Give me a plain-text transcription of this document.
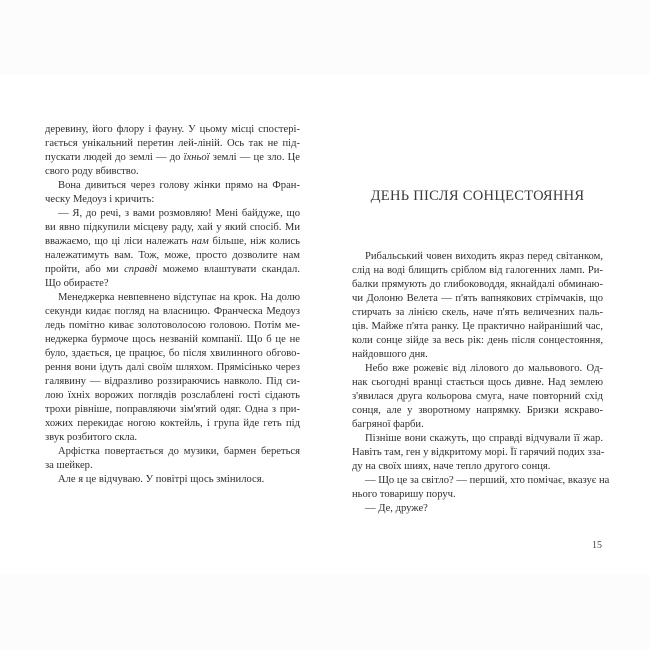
деревину, його флору і фауну. У цьому місці спостері-
гається унікальний перетин лей-ліній. Ось так не під-
пускати людей до землі — до їхньої землі — це зло. Це
свого роду вбивство.
Вона дивиться через голову жінки прямо на Фран-
ческу Медоуз і кричить:
— Я, до речі, з вами розмовляю! Мені байдуже, що
ви явно підкупили місцеву раду, хай у який спосіб. Ми
вважаємо, що ці ліси належать нам більше, ніж колись
належатимуть вам. Тож, може, просто дозволите нам
пройти, або ми справді можемо влаштувати скандал.
Що обираєте?
Менеджерка невпевнено відступає на крок. На долю
секунди кидає погляд на власницю. Франческа Медоуз
ледь помітно киває золотоволосою головою. Потім ме-
неджерка бурмоче щось незваній компанії. Що б це не
було, здається, це працює, бо після хвилинного обгово-
рення вони ідуть далі своїм шляхом. Прямісінько через
галявину — відразливо роззираючись навколо. Під си-
лою їхніх ворожих поглядів розслаблені гості сідають
трохи рівніше, поправляючи зім'ятий одяг. Одна з при-
хожих перекидає ногою коктейль, і група йде геть під
звук розбитого скла.
Арфістка повертається до музики, бармен береться
за шейкер.
Але я це відчуваю. У повітрі щось змінилося.
ДЕНЬ ПІСЛЯ СОНЦЕСТОЯННЯ
Рибальський човен виходить якраз перед світанком,
слід на воді блищить сріблом від галогенних ламп. Ри-
балки прямують до глибоководдя, якнайдалі обминаю-
чи Долоню Велета — п'ять вапнякових стрімчаків, що
стирчать за лінією скель, наче п'ять величезних паль-
ців. Майже п'ята ранку. Це практично найраніший час,
коли сонце зійде за весь рік: день після сонцестояння,
найдовшого дня.
Небо вже рожевіє від лілового до мальвового. Од-
нак сьогодні вранці стається щось дивне. Над землею
з'явилася друга кольорова смуга, наче повторний схід
сонця, але у зворотному напрямку. Бризки яскраво-
багряної фарби.
Пізніше вони скажуть, що справді відчували її жар.
Навіть там, ген у відкритому морі. Її гарячий подих зза-
ду на своїх шиях, наче тепло другого сонця.
— Що це за світло? — перший, хто помічає, вказує на
нього товаришу поруч.
— Де, друже?
15
